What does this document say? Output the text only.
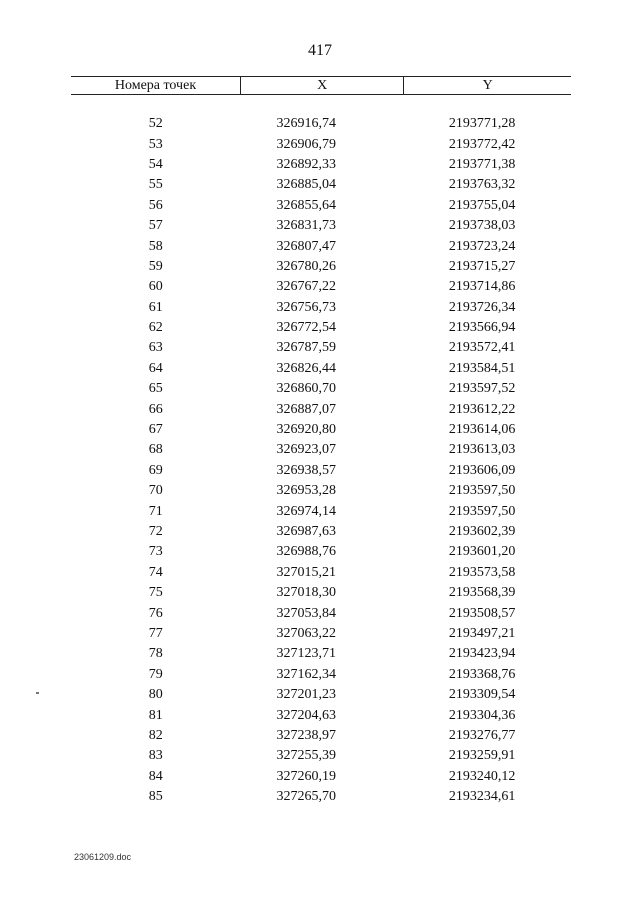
417
Номера точек	X	Y

52	326916,74	2193771,28
53	326906,79	2193772,42
54	326892,33	2193771,38
55	326885,04	2193763,32
56	326855,64	2193755,04
57	326831,73	2193738,03
58	326807,47	2193723,24
59	326780,26	2193715,27
60	326767,22	2193714,86
61	326756,73	2193726,34
62	326772,54	2193566,94
63	326787,59	2193572,41
64	326826,44	2193584,51
65	326860,70	2193597,52
66	326887,07	2193612,22
67	326920,80	2193614,06
68	326923,07	2193613,03
69	326938,57	2193606,09
70	326953,28	2193597,50
71	326974,14	2193597,50
72	326987,63	2193602,39
73	326988,76	2193601,20
74	327015,21	2193573,58
75	327018,30	2193568,39
76	327053,84	2193508,57
77	327063,22	2193497,21
78	327123,71	2193423,94
79	327162,34	2193368,76
80	327201,23	2193309,54
81	327204,63	2193304,36
82	327238,97	2193276,77
83	327255,39	2193259,91
84	327260,19	2193240,12
85	327265,70	2193234,61
23061209.doc
